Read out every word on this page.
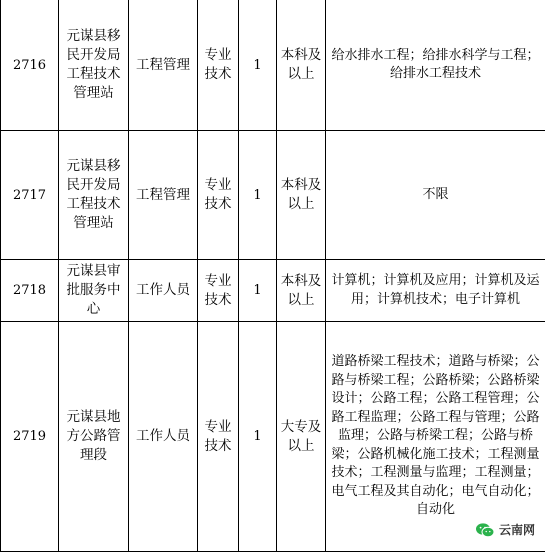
2716	元谋县移民开发局工程技术管理站	工程管理	专业技术	1	本科及以上	给水排水工程；给排水科学与工程；给排水工程技术
2717	元谋县移民开发局工程技术管理站	工程管理	专业技术	1	本科及以上	不限
2718	元谋县审批服务中心	工作人员	专业技术	1	本科及以上	计算机；计算机及应用；计算机及运用；计算机技术；电子计算机
2719	元谋县地方公路管理段	工作人员	专业技术	1	大专及以上	道路桥梁工程技术；道路与桥梁；公路与桥梁工程；公路桥梁；公路桥梁设计；公路工程；公路工程管理；公路工程监理；公路工程与管理；公路监理；公路与桥梁工程；公路与桥梁；公路机械化施工技术；工程测量技术；工程测量与监理；工程测量；电气工程及其自动化；电气自动化；自动化
云南网
